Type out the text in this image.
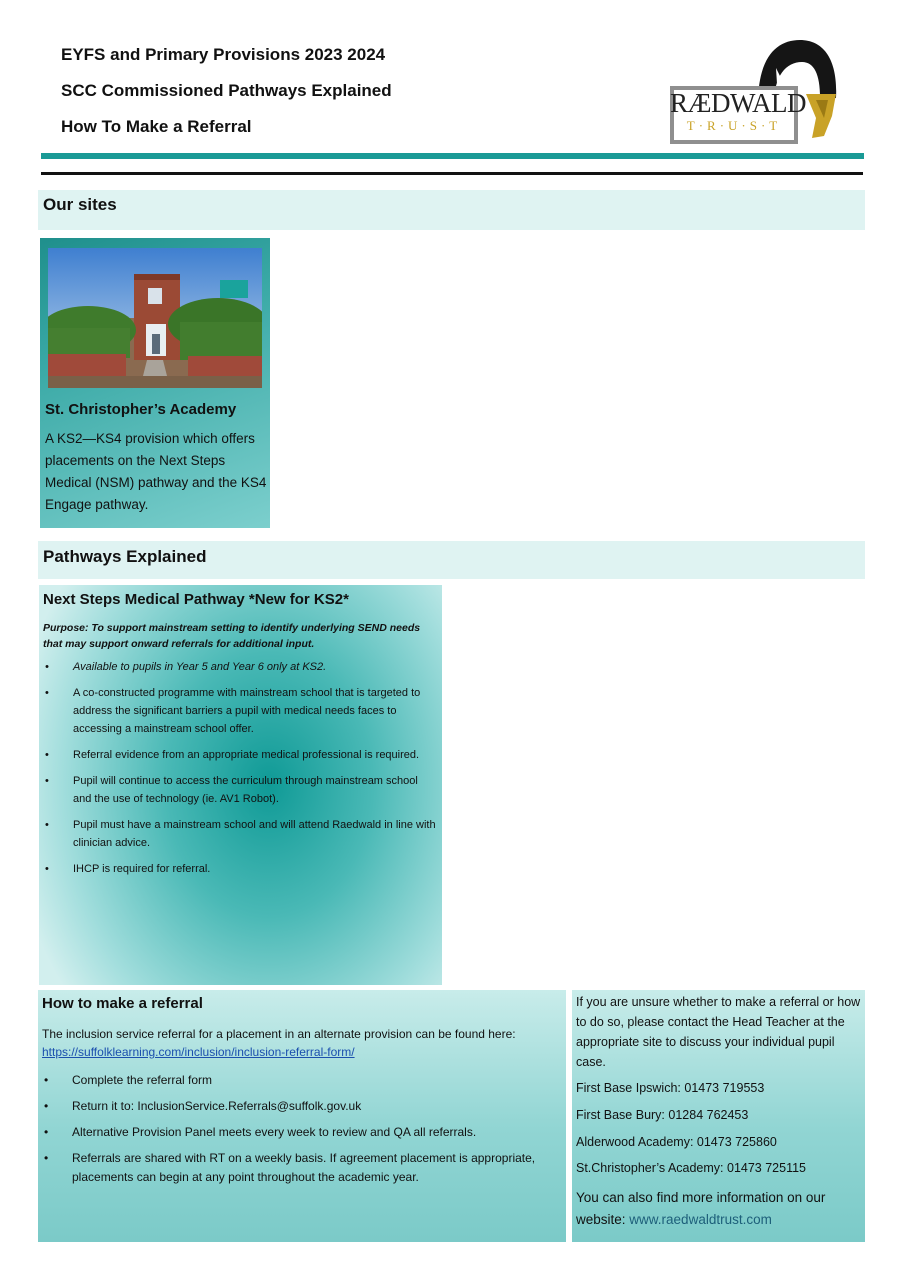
EYFS and Primary Provisions 2023 2024
SCC Commissioned Pathways Explained
How To Make a Referral
RÆDWALD
T·R·U·S·T
Our sites
St. Christopher’s Academy
A KS2—KS4 provision which offers placements on the Next Steps Medical (NSM) pathway and the KS4 Engage pathway.
Pathways Explained
Next Steps Medical Pathway *New for KS2*
Purpose: To support mainstream setting to identify underlying SEND needs that may support onward referrals for additional input.
• Available to pupils in Year 5 and Year 6 only at KS2.
• A co-constructed programme with mainstream school that is targeted to address the significant barriers a pupil with medical needs faces to accessing a mainstream school offer.
• Referral evidence from an appropriate medical professional is required.
• Pupil will continue to access the curriculum through mainstream school and the use of technology (ie. AV1 Robot).
• Pupil must have a mainstream school and will attend Raedwald in line with clinician advice.
• IHCP is required for referral.
How to make a referral
The inclusion service referral for a placement in an alternate provision can be found here:
https://suffolklearning.com/inclusion/inclusion-referral-form/
• Complete the referral form
• Return it to: InclusionService.Referrals@suffolk.gov.uk
• Alternative Provision Panel meets every week to review and QA all referrals.
• Referrals are shared with RT on a weekly basis. If agreement placement is appropriate, placements can begin at any point throughout the academic year.
If you are unsure whether to make a referral or how to do so, please contact the Head Teacher at the appropriate site to discuss your individual pupil case.
First Base Ipswich: 01473 719553
First Base Bury: 01284 762453
Alderwood Academy: 01473 725860
St.Christopher’s Academy: 01473 725115
You can also find more information on our website: www.raedwaldtrust.com
